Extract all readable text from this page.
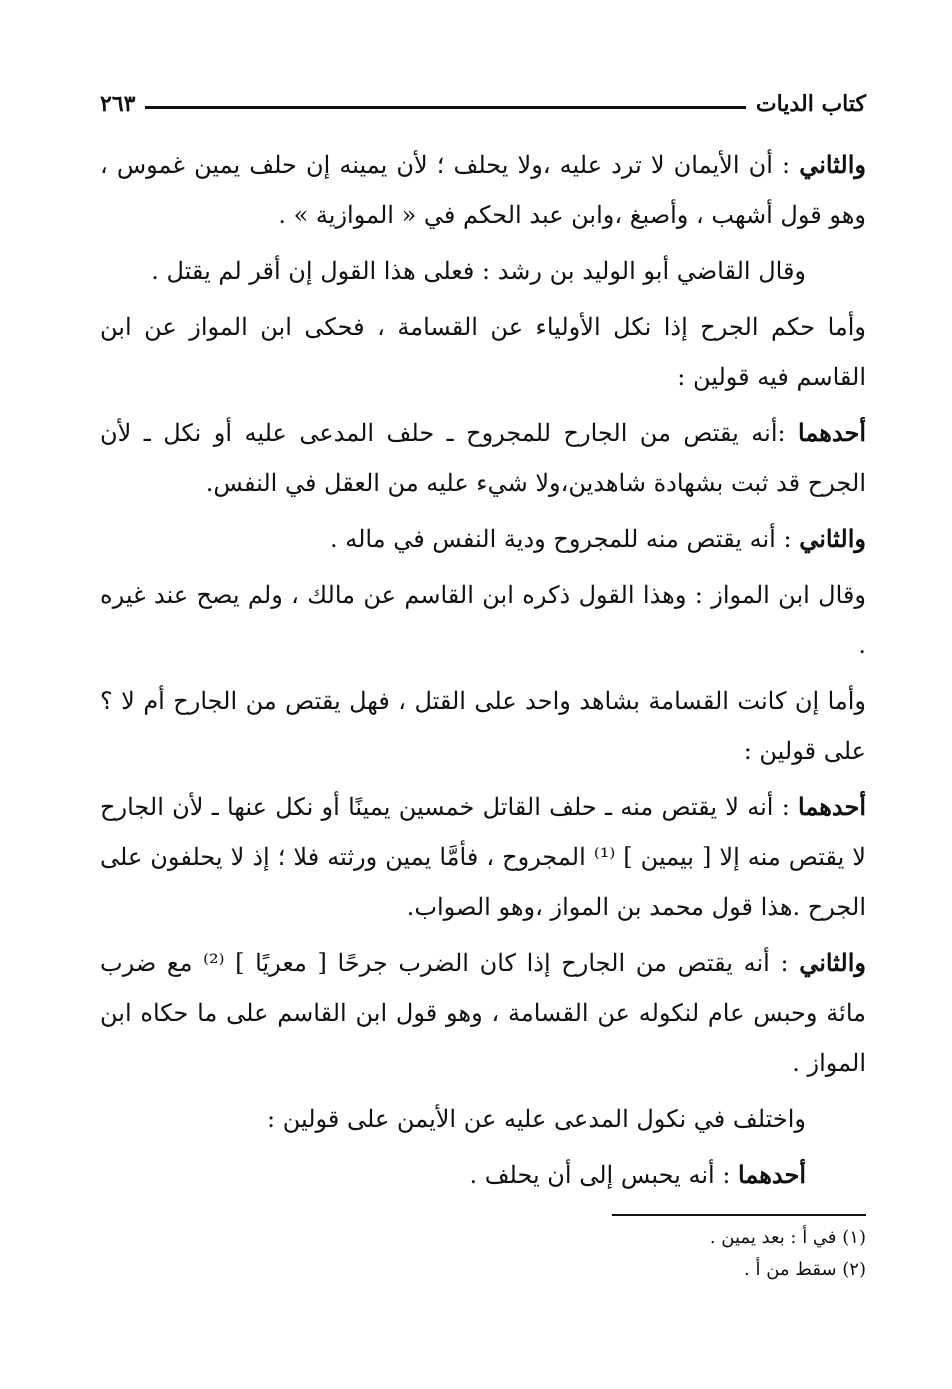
كتاب الديات
٢٦٣

والثاني : أن الأيمان لا ترد عليه ،ولا يحلف ؛ لأن يمينه إن حلف يمين غموس ، وهو قول أشهب ، وأصبغ ،وابن عبد الحكم في « الموازية » .

وقال القاضي أبو الوليد بن رشد : فعلى هذا القول إن أقر لم يقتل .

وأما حكم الجرح إذا نكل الأولياء عن القسامة ، فحكى ابن المواز عن ابن القاسم فيه قولين :

أحدهما :أنه يقتص من الجارح للمجروح ـ حلف المدعى عليه أو نكل ـ لأن الجرح قد ثبت بشهادة شاهدين،ولا شيء عليه من العقل في النفس.

والثاني : أنه يقتص منه للمجروح ودية النفس في ماله .

وقال ابن المواز : وهذا القول ذكره ابن القاسم عن مالك ، ولم يصح عند غيره .

وأما إن كانت القسامة بشاهد واحد على القتل ، فهل يقتص من الجارح أم لا ؟ على قولين :

أحدهما : أنه لا يقتص منه ـ حلف القاتل خمسين يمينًا أو نكل عنها ـ لأن الجارح لا يقتص منه إلا [ بيمين ] ⁽¹⁾ المجروح ، فأمَّا يمين ورثته فلا ؛ إذ لا يحلفون على الجرح .هذا قول محمد بن المواز ،وهو الصواب.

والثاني : أنه يقتص من الجارح إذا كان الضرب جرحًا [ معريًا ] ⁽²⁾ مع ضرب مائة وحبس عام لنكوله عن القسامة ، وهو قول ابن القاسم على ما حكاه ابن المواز .

واختلف في نكول المدعى عليه عن الأيمن على قولين :

أحدهما : أنه يحبس إلى أن يحلف .

(١) في أ : بعد يمين .
(٢) سقط من أ .
